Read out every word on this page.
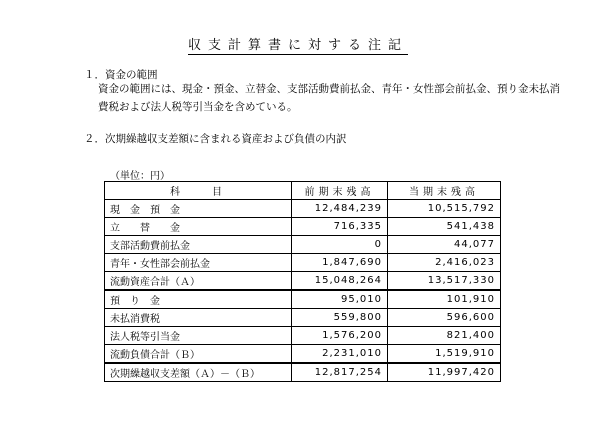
収支計算書に対する注記
１．資金の範囲
資金の範囲には、現金・預金、立替金、支部活動費前払金、青年・女性部会前払金、預り金未払消費税および法人税等引当金を含めている。
２．次期繰越収支差額に含まれる資産および負債の内訳
（単位：円）
科　　目	前期末残高	当期末残高
現　金　預　金	12,484,239	10,515,792
立　　替　　金	716,335	541,438
支部活動費前払金	0	44,077
青年・女性部会前払金	1,847,690	2,416,023
流動資産合計（Ａ）	15,048,264	13,517,330
預　り　金	95,010	101,910
未払消費税	559,800	596,600
法人税等引当金	1,576,200	821,400
流動負債合計（Ｂ）	2,231,010	1,519,910
次期繰越収支差額（Ａ）－（Ｂ）	12,817,254	11,997,420
